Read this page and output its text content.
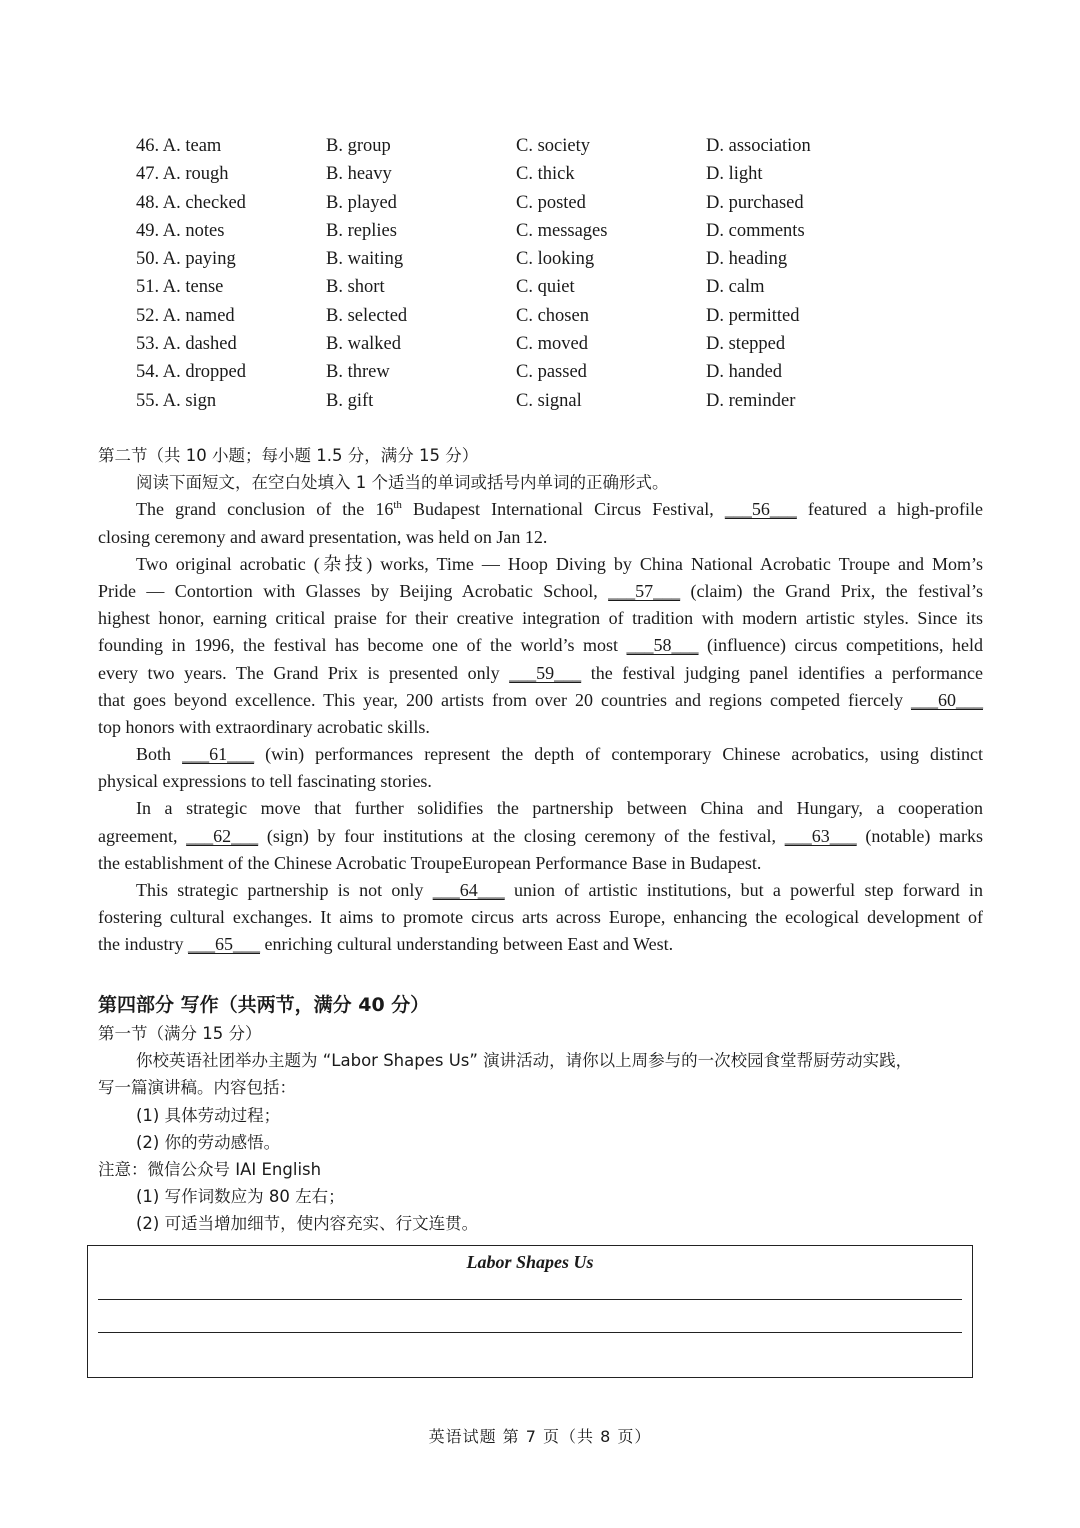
46. A. team	B. group	C. society	D. association
47. A. rough	B. heavy	C. thick	D. light
48. A. checked	B. played	C. posted	D. purchased
49. A. notes	B. replies	C. messages	D. comments
50. A. paying	B. waiting	C. looking	D. heading
51. A. tense	B. short	C. quiet	D. calm
52. A. named	B. selected	C. chosen	D. permitted
53. A. dashed	B. walked	C. moved	D. stepped
54. A. dropped	B. threw	C. passed	D. handed
55. A. sign	B. gift	C. signal	D. reminder
第二节（共 10 小题；每小题 1.5 分，满分 15 分）
阅读下面短文，在空白处填入 1 个适当的单词或括号内单词的正确形式。
The grand conclusion of the 16th Budapest International Circus Festival, ___56___ featured a high-profile
closing ceremony and award presentation, was held on Jan 12.
Two original acrobatic (杂技) works, Time — Hoop Diving by China National Acrobatic Troupe and Mom’s
Pride — Contortion with Glasses by Beijing Acrobatic School, ___57___ (claim) the Grand Prix, the festival’s
highest honor, earning critical praise for their creative integration of tradition with modern artistic styles. Since its
founding in 1996, the festival has become one of the world’s most ___58___ (influence) circus competitions, held
every two years. The Grand Prix is presented only ___59___ the festival judging panel identifies a performance
that goes beyond excellence. This year, 200 artists from over 20 countries and regions competed fiercely ___60___
top honors with extraordinary acrobatic skills.
Both ___61___ (win) performances represent the depth of contemporary Chinese acrobatics, using distinct
physical expressions to tell fascinating stories.
In a strategic move that further solidifies the partnership between China and Hungary, a cooperation
agreement, ___62___ (sign) by four institutions at the closing ceremony of the festival, ___63___ (notable) marks
the establishment of the Chinese Acrobatic TroupeEuropean Performance Base in Budapest.
This strategic partnership is not only ___64___ union of artistic institutions, but a powerful step forward in
fostering cultural exchanges. It aims to promote circus arts across Europe, enhancing the ecological development of
the industry ___65___ enriching cultural understanding between East and West.
第四部分 写作（共两节，满分 40 分）
第一节（满分 15 分）
你校英语社团举办主题为 “Labor Shapes Us” 演讲活动，请你以上周参与的一次校园食堂帮厨劳动实践，
写一篇演讲稿。内容包括：
(1) 具体劳动过程；
(2) 你的劳动感悟。
注意：微信公众号 IAI English
(1) 写作词数应为 80 左右；
(2) 可适当增加细节，使内容充实、行文连贯。
Labor Shapes Us
英语试题 第 7 页（共 8 页）
